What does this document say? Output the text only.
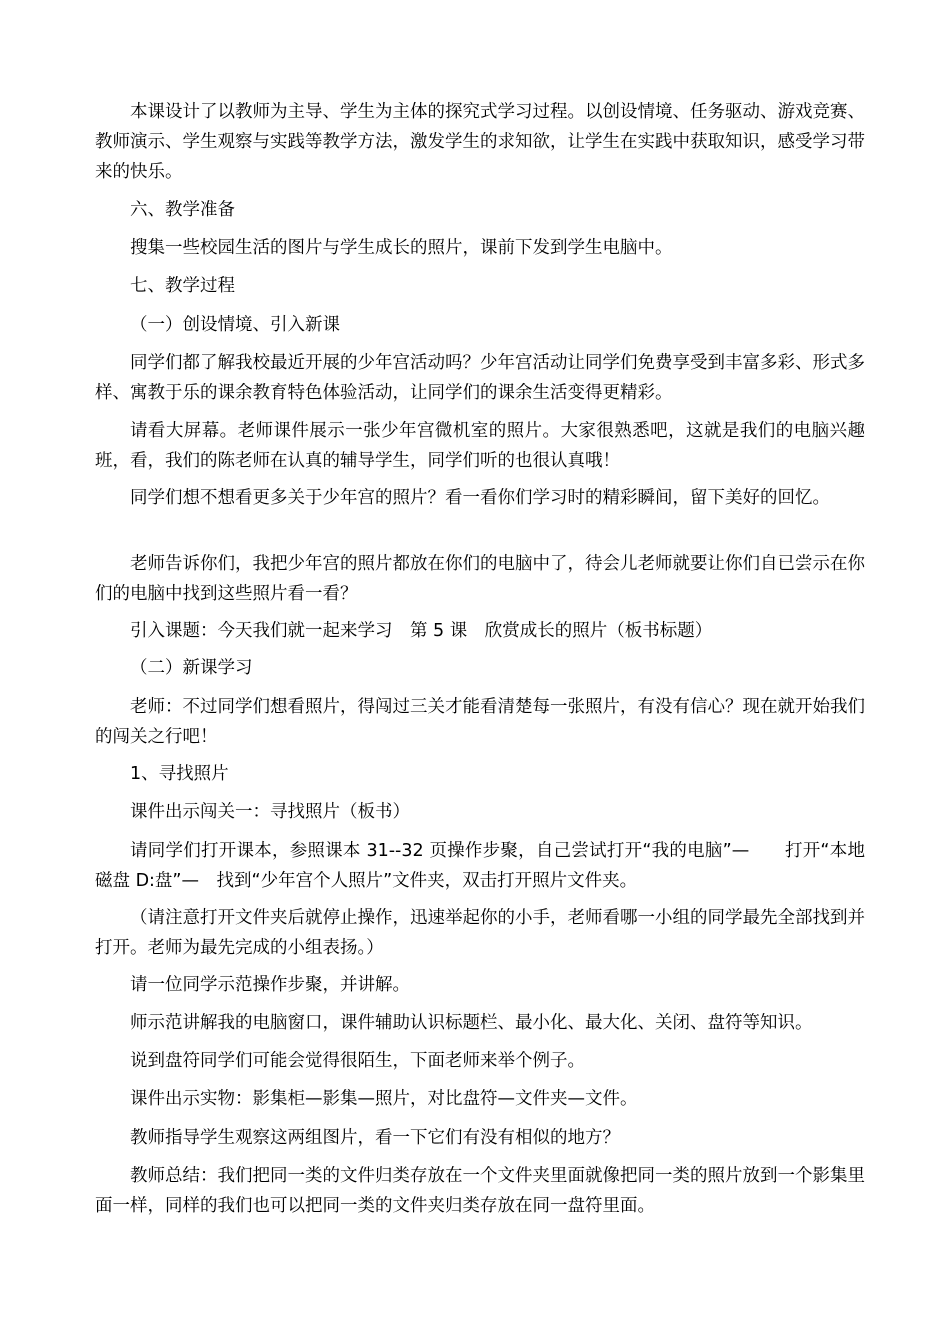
本课设计了以教师为主导、学生为主体的探究式学习过程。以创设情境、任务驱动、游戏竞赛、教师演示、学生观察与实践等教学方法，激发学生的求知欲，让学生在实践中获取知识，感受学习带来的快乐。

六、教学准备

搜集一些校园生活的图片与学生成长的照片，课前下发到学生电脑中。

七、教学过程

（一）创设情境、引入新课

同学们都了解我校最近开展的少年宫活动吗？少年宫活动让同学们免费享受到丰富多彩、形式多样、寓教于乐的课余教育特色体验活动，让同学们的课余生活变得更精彩。

请看大屏幕。老师课件展示一张少年宫微机室的照片。大家很熟悉吧，这就是我们的电脑兴趣班，看，我们的陈老师在认真的辅导学生，同学们听的也很认真哦！

同学们想不想看更多关于少年宫的照片？看一看你们学习时的精彩瞬间，留下美好的回忆。

老师告诉你们，我把少年宫的照片都放在你们的电脑中了，待会儿老师就要让你们自已尝示在你们的电脑中找到这些照片看一看？

引入课题：今天我们就一起来学习　第 5 课　欣赏成长的照片（板书标题）

（二）新课学习

老师：不过同学们想看照片，得闯过三关才能看清楚每一张照片，有没有信心？现在就开始我们的闯关之行吧！

1、寻找照片

课件出示闯关一：寻找照片（板书）

请同学们打开课本，参照课本 31--32 页操作步聚，自己尝试打开“我的电脑”—　　打开“本地磁盘 D:盘”—　找到“少年宫个人照片”文件夹，双击打开照片文件夹。

（请注意打开文件夹后就停止操作，迅速举起你的小手，老师看哪一小组的同学最先全部找到并打开。老师为最先完成的小组表扬。）

请一位同学示范操作步聚，并讲解。

师示范讲解我的电脑窗口，课件辅助认识标题栏、最小化、最大化、关闭、盘符等知识。

说到盘符同学们可能会觉得很陌生，下面老师来举个例子。

课件出示实物：影集柜—影集—照片，对比盘符—文件夹—文件。

教师指导学生观察这两组图片，看一下它们有没有相似的地方？

教师总结：我们把同一类的文件归类存放在一个文件夹里面就像把同一类的照片放到一个影集里面一样，同样的我们也可以把同一类的文件夹归类存放在同一盘符里面。
